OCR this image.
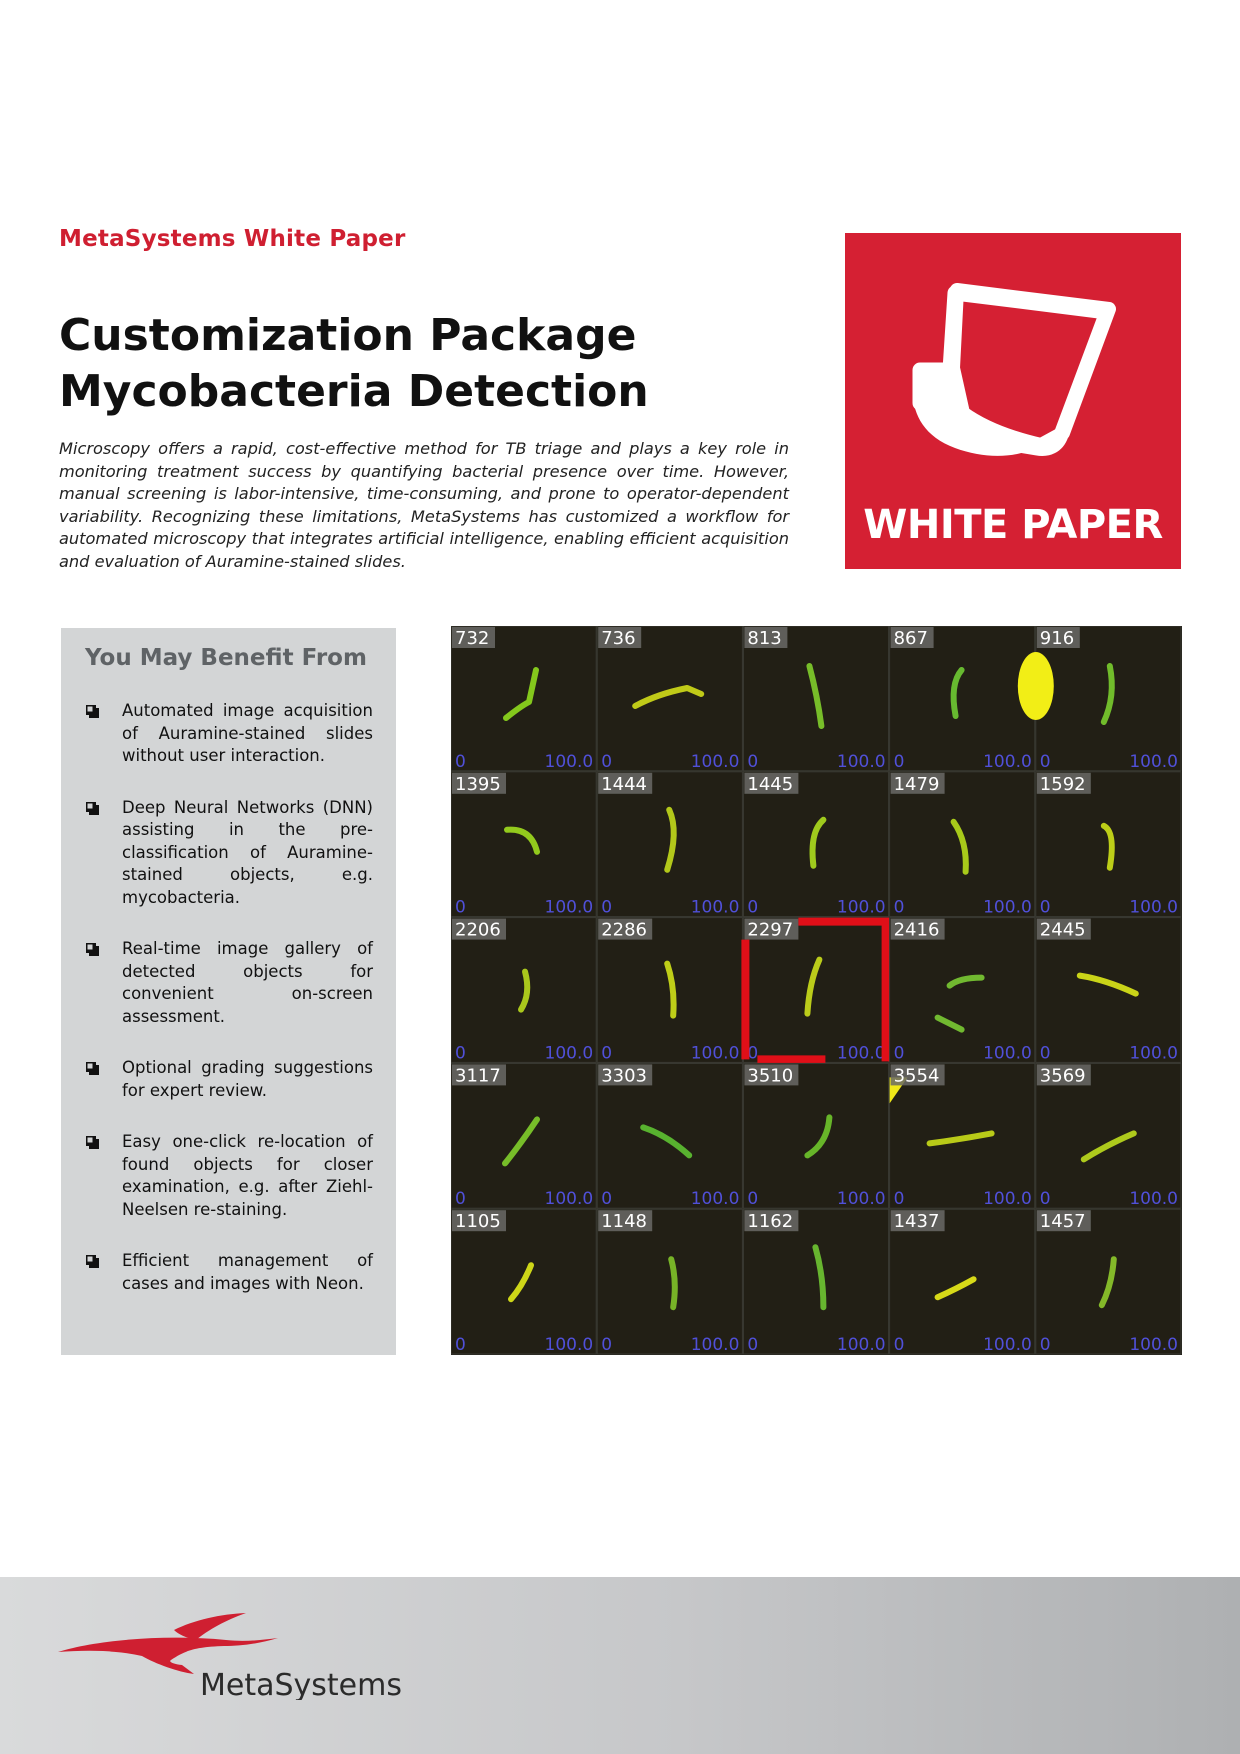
MetaSystems White Paper
Customization Package
Mycobacteria Detection

Microscopy offers a rapid, cost-effective method for TB triage and plays a key role in monitoring treatment success by quantifying bacterial presence over time. However, manual screening is labor-intensive, time-consuming, and prone to operator-dependent variability. Recognizing these limitations, MetaSystems has customized a workflow for automated microscopy that integrates artificial intelligence, enabling efficient acquisition and evaluation of Auramine-stained slides.

WHITE PAPER
You May Benefit From
Automated image acquisition of Auramine-stained slides without user interaction.
Deep Neural Networks (DNN) assisting in the pre-classification of Auramine-stained objects, e.g. mycobacteria.
Real-time image gallery of detected objects for convenient on-screen assessment.
Optional grading suggestions for expert review.
Easy one-click re-location of found objects for closer examination, e.g. after Ziehl-Neelsen re-staining.
Efficient management of cases and images with Neon.
732
0	100.0
736
0	100.0
813
0	100.0
867
0	100.0
916
0	100.0
1395
0	100.0
1444
0	100.0
1445
0	100.0
1479
0	100.0
1592
0	100.0
2206
0	100.0
2286
0	100.0
2297
0	100.0
2416
0	100.0
2445
0	100.0
3117
0	100.0
3303
0	100.0
3510
0	100.0
3554
0	100.0
3569
0	100.0
1105
0	100.0
1148
0	100.0
1162
0	100.0
1437
0	100.0
1457
0	100.0
MetaSystems
